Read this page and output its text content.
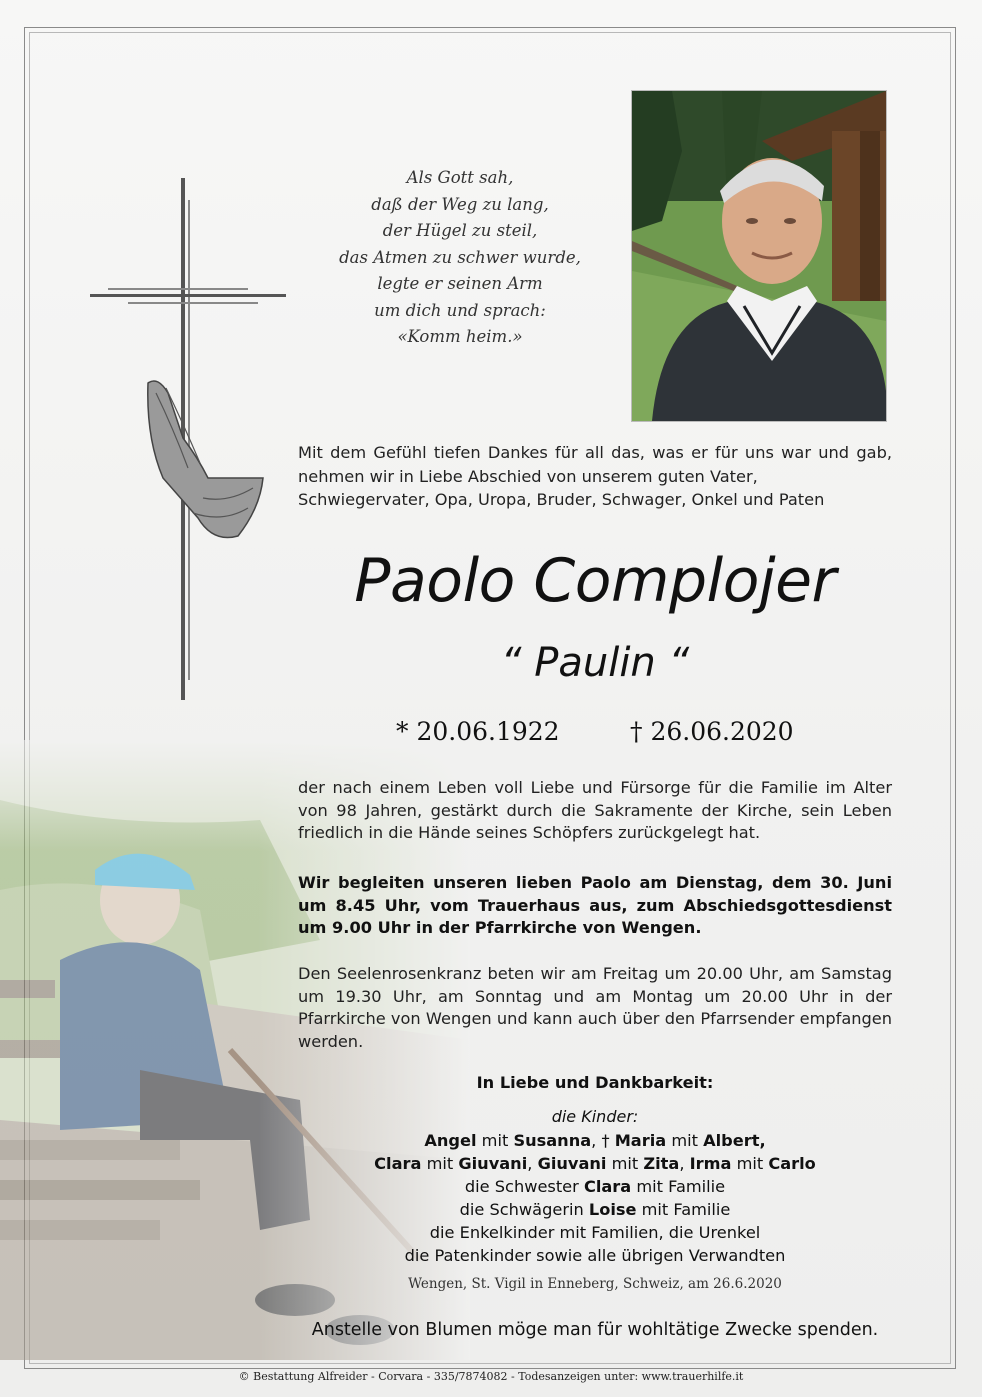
Als Gott sah,
daß der Weg zu lang,
der Hügel zu steil,
das Atmen zu schwer wurde,
legte er seinen Arm
um dich und sprach:
«Komm heim.»
Mit dem Gefühl tiefen Dankes für all das, was er für uns war und gab, nehmen wir in Liebe Abschied von unserem guten Vater,
Schwiegervater, Opa, Uropa, Bruder, Schwager, Onkel und Paten
Paolo Complojer
“ Paulin “
* 20.06.1922	† 26.06.2020
der nach einem Leben voll Liebe und Fürsorge für die Familie im Alter von 98 Jahren, gestärkt durch die Sakramente der Kirche, sein Leben friedlich in die Hände seines Schöpfers zurückgelegt hat.
Wir begleiten unseren lieben Paolo am Dienstag, dem 30. Juni um 8.45 Uhr, vom Trauerhaus aus, zum Abschiedsgottesdienst um 9.00 Uhr in der Pfarrkirche von Wengen.
Den Seelenrosenkranz beten wir am Freitag um 20.00 Uhr, am Samstag um 19.30 Uhr, am Sonntag und am Montag um 20.00 Uhr in der Pfarrkirche von Wengen und kann auch über den Pfarrsender empfangen werden.
In Liebe und Dankbarkeit:
die Kinder:
Angel mit Susanna, † Maria mit Albert,
Clara mit Giuvani, Giuvani mit Zita, Irma mit Carlo
die Schwester Clara mit Familie
die Schwägerin Loise mit Familie
die Enkelkinder mit Familien, die Urenkel
die Patenkinder sowie alle übrigen Verwandten
Wengen, St. Vigil in Enneberg, Schweiz, am 26.6.2020
Anstelle von Blumen möge man für wohltätige Zwecke spenden.
© Bestattung Alfreider - Corvara - 335/7874082 - Todesanzeigen unter: www.trauerhilfe.it
